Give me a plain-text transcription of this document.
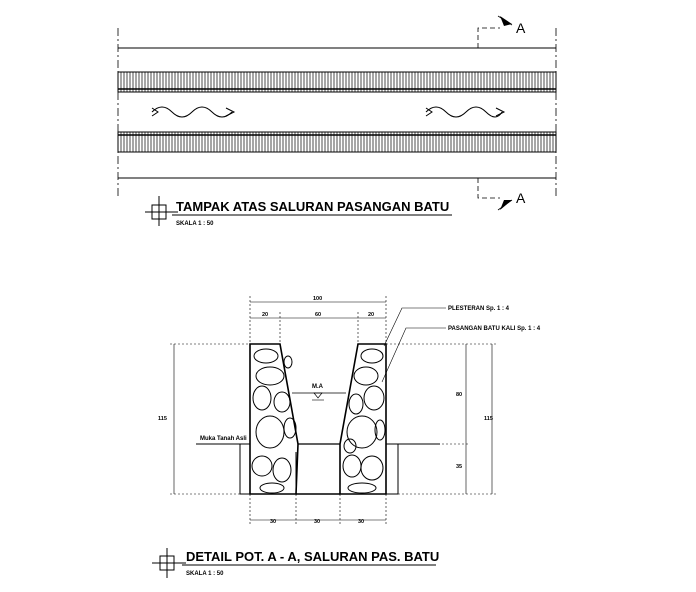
A
A
TAMPAK ATAS SALURAN PASANGAN BATU
SKALA 1 : 50
Muka Tanah Asli
M.A
100
20	60	20
115
80
35
115
30	30	30
PLESTERAN Sp. 1 : 4
PASANGAN BATU KALI Sp. 1 : 4
DETAIL POT. A - A, SALURAN PAS. BATU
SKALA 1 : 50
